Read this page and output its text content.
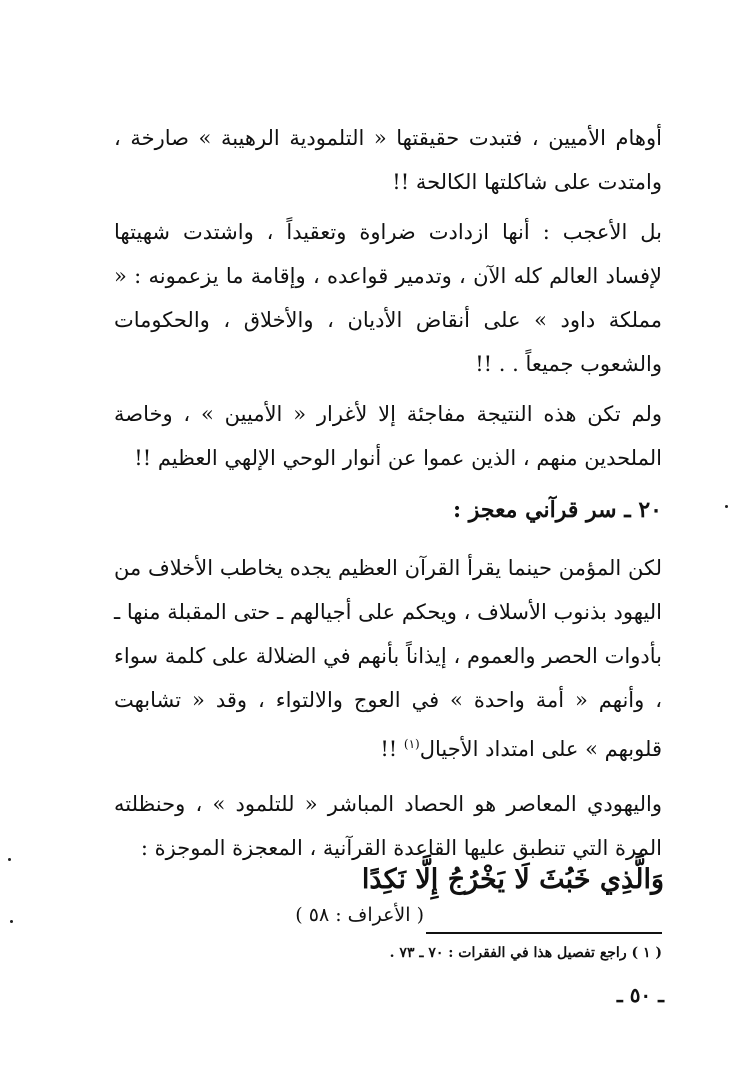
أوهام الأميين ، فتبدت حقيقتها « التلمودية الرهيبة » صارخة ، وامتدت على شاكلتها الكالحة !!

بل الأعجب : أنها ازدادت ضراوة وتعقيداً ، واشتدت شهيتها لإفساد العالم كله الآن ، وتدمير قواعده ، وإقامة ما يزعمونه : « مملكة داود » على أنقاض الأديان ، والأخلاق ، والحكومات والشعوب جميعاً . . !!

ولم تكن هذه النتيجة مفاجئة إلا لأغرار « الأميين » ، وخاصة الملحدين منهم ، الذين عموا عن أنوار الوحي الإلهي العظيم !!

٢٠ ـ سر قرآني معجز :

لكن المؤمن حينما يقرأ القرآن العظيم يجده يخاطب الأخلاف من اليهود بذنوب الأسلاف ، ويحكم على أجيالهم ـ حتى المقبلة منها ـ بأدوات الحصر والعموم ، إيذاناً بأنهم في الضلالة على كلمة سواء ، وأنهم « أمة واحدة » في العوج والالتواء ، وقد « تشابهت قلوبهم » على امتداد الأجيال$^{(١)}$ !!

واليهودي المعاصر هو الحصاد المباشر « للتلمود » ، وحنظلته المرة التي تنطبق عليها القاعدة القرآنية ، المعجزة الموجزة :

وَالَّذِي خَبُثَ لَا يَخْرُجُ إِلَّا نَكِدًا
( الأعراف : ٥٨ )
( ١ ) راجع تفصيل هذا في الفقرات : ٧٠ ـ ٧٣ .
ـ ٥٠ ـ
